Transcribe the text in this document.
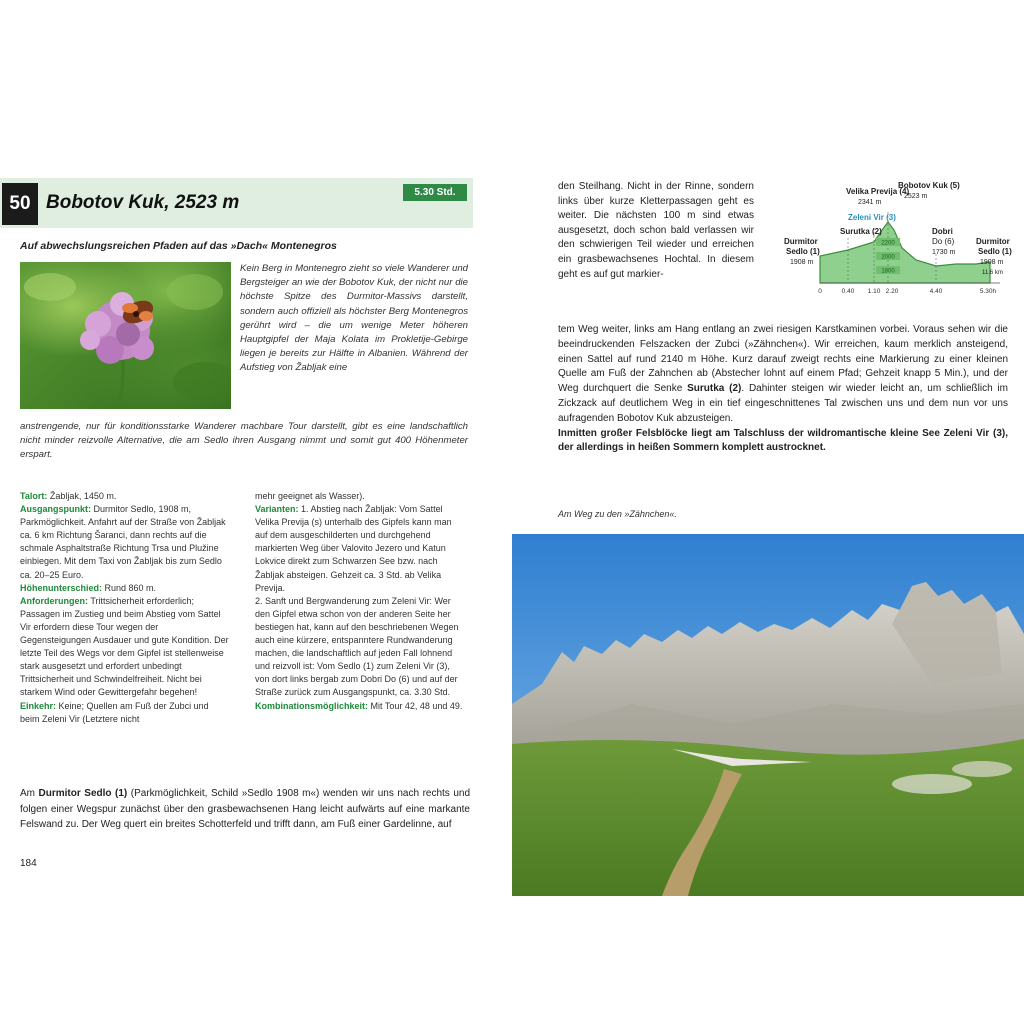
50 Bobotov Kuk, 2523 m	5.30 Std.
Auf abwechslungsreichen Pfaden auf das »Dach« Montenegros
Kein Berg in Montenegro zieht so viele Wanderer und Bergsteiger an wie der Bobotov Kuk, der nicht nur die höchste Spitze des Durmitor-Massivs darstellt, sondern auch offiziell als höchster Berg Montenegros gerührt wird – die um wenige Meter höheren Hauptgipfel der Maja Kolata im Prokletije-Gebirge liegen je bereits zur Hälfte in Albanien. Während der Aufstieg von Žabljak eine
anstrengende, nur für konditionsstarke Wanderer machbare Tour darstellt, gibt es eine landschaftlich nicht minder reizvolle Alternative, die am Sedlo ihren Ausgang nimmt und somit gut 400 Höhenmeter erspart.

Talort: Žabljak, 1450 m.

Ausgangspunkt: Durmitor Sedlo, 1908 m, Parkmöglichkeit. Anfahrt auf der Straße von Žabljak ca. 6 km Richtung Šaranci, dann rechts auf die schmale Asphaltstraße Richtung Trsa und Plužine einbiegen. Mit dem Taxi von Žabljak bis zum Sedlo ca. 20–25 Euro.

Höhenunterschied: Rund 860 m.

Anforderungen: Trittsicherheit erforderlich; Passagen im Zustieg und beim Abstieg vom Sattel Vir erfordern diese Tour wegen der Gegensteigungen Ausdauer und gute Kondition. Der letzte Teil des Wegs vor dem Gipfel ist stellenweise stark ausgesetzt und erfordert unbedingt Trittsicherheit und Schwindelfreiheit. Nicht bei starkem Wind oder Gewittergefahr begehen!

Einkehr: Keine; Quellen am Fuß der Zubci und beim Zeleni Vir (Letztere nicht

mehr geeignet als Wasser).

Varianten: 1. Abstieg nach Žabljak: Vom Sattel Velika Previja (s) unterhalb des Gipfels kann man auf dem ausgeschilderten und durchgehend markierten Weg über Valovito Jezero und Katun Lokvice direkt zum Schwarzen See bzw. nach Žabljak absteigen. Gehzeit ca. 3 Std. ab Velika Previja.

2. Sanft und Bergwanderung zum Zeleni Vir: Wer den Gipfel etwa schon von der anderen Seite her bestiegen hat, kann auf den beschriebenen Wegen auch eine kürzere, entspanntere Rundwanderung machen, die landschaftlich auf jeden Fall lohnend und reizvoll ist: Vom Sedlo (1) zum Zeleni Vir (3), von dort links bergab zum Dobri Do (6) und auf der Straße zurück zum Ausgangspunkt, ca. 3.30 Std.

Kombinationsmöglichkeit: Mit Tour 42, 48 und 49.

Am Durmitor Sedlo (1) (Parkmöglichkeit, Schild »Sedlo 1908 m«) wenden wir uns nach rechts und folgen einer Wegspur zunächst über den grasbewachsenen Hang leicht aufwärts auf eine markante Felswand zu. Der Weg quert ein breites Schotterfeld und trifft dann, am Fuß einer Gardelinne, auf
184
den Steilhang. Nicht in der Rinne, sondern links über kurze Kletterpassagen geht es weiter. Die nächsten 100 m sind etwas ausgesetzt, doch schon bald verlassen wir den schwierigen Teil wieder und erreichen ein grasbewachsenes Hochtal. In diesem geht es auf gut markier-
2200
2000
1800
Velika Previja (4)
2341 m
Bobotov Kuk (5)
2523 m
Zeleni Vir (3)
Surutka (2)	Dobri
Do (6)
1730 m
Durmitor
Sedlo (1)
1908 m
Durmitor
Sedlo (1)
1908 m
11.6 km
0	0.40 1.10 2.20	4.40	5.30h
tem Weg weiter, links am Hang entlang an zwei riesigen Karstkaminen vorbei. Voraus sehen wir die beeindruckenden Felszacken der Zubci (»Zähnchen«). Wir erreichen, kaum merklich ansteigend, einen Sattel auf rund 2140 m Höhe. Kurz darauf zweigt rechts eine Markierung zu einer kleinen Quelle am Fuß der Zahnchen ab (Abstecher lohnt auf einem Pfad; Gehzeit knapp 5 Min.), und der Weg durchquert die Senke Surutka (2). Dahinter steigen wir wieder leicht an, um schließlich im Zickzack auf deutlichem Weg in ein tief eingeschnittenes Tal zwischen uns und dem nun vor uns aufragenden Bobotov Kuk abzusteigen.
Inmitten großer Felsblöcke liegt am Talschluss der wildromantische kleine See Zeleni Vir (3), der allerdings in heißen Sommern komplett austrocknet.
Am Weg zu den »Zähnchen«.
